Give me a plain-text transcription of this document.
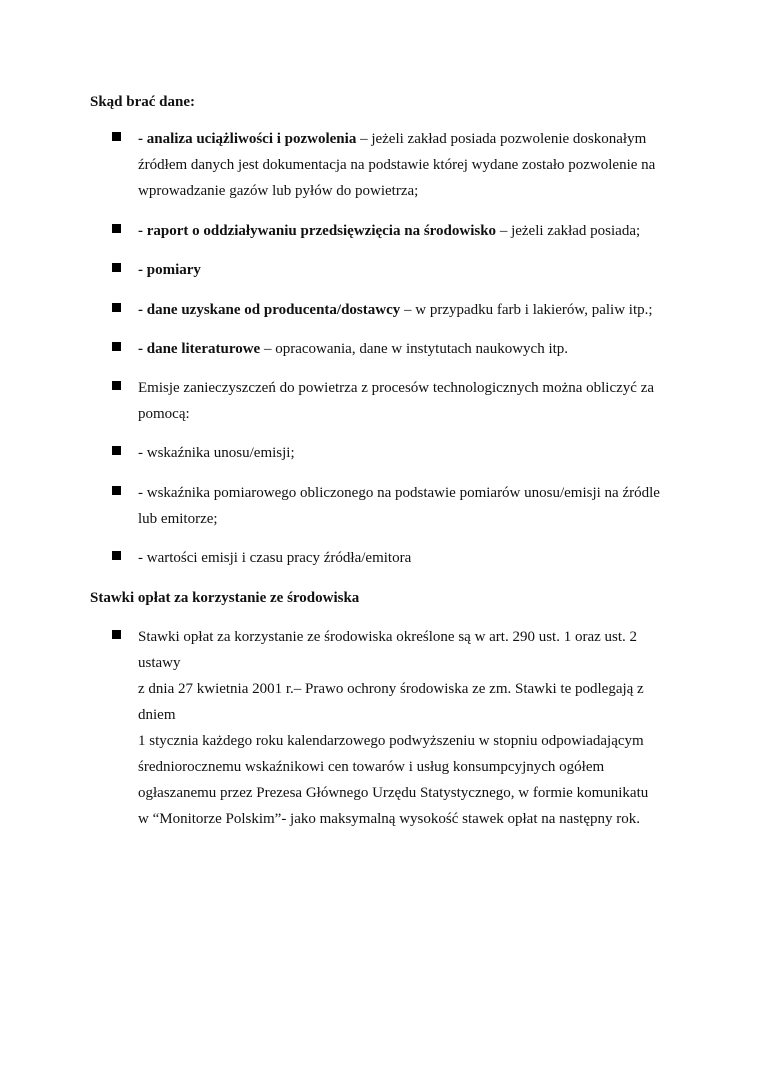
Skąd brać dane:
- analiza uciążliwości i pozwolenia – jeżeli zakład posiada pozwolenie doskonałym
źródłem danych jest dokumentacja na podstawie której wydane zostało pozwolenie na
wprowadzanie gazów lub pyłów do powietrza;
- raport o oddziaływaniu przedsięwzięcia na środowisko – jeżeli zakład posiada;
- pomiary
- dane uzyskane od producenta/dostawcy – w przypadku farb i lakierów, paliw itp.;
- dane literaturowe – opracowania, dane w instytutach naukowych itp.
Emisje zanieczyszczeń do powietrza z procesów technologicznych można obliczyć za
pomocą:
- wskaźnika unosu/emisji;
- wskaźnika pomiarowego obliczonego na podstawie pomiarów unosu/emisji na źródle
lub emitorze;
- wartości emisji i czasu pracy źródła/emitora
Stawki opłat za korzystanie ze środowiska
Stawki opłat za korzystanie ze środowiska określone są w art. 290 ust. 1 oraz ust. 2
ustawy
z dnia 27 kwietnia 2001 r.– Prawo ochrony środowiska ze zm. Stawki te podlegają z
dniem
1 stycznia każdego roku kalendarzowego podwyższeniu w stopniu odpowiadającym
średniorocznemu wskaźnikowi cen towarów i usług konsumpcyjnych ogółem
ogłaszanemu przez Prezesa Głównego Urzędu Statystycznego, w formie komunikatu
w “Monitorze Polskim”- jako maksymalną wysokość stawek opłat na następny rok.
